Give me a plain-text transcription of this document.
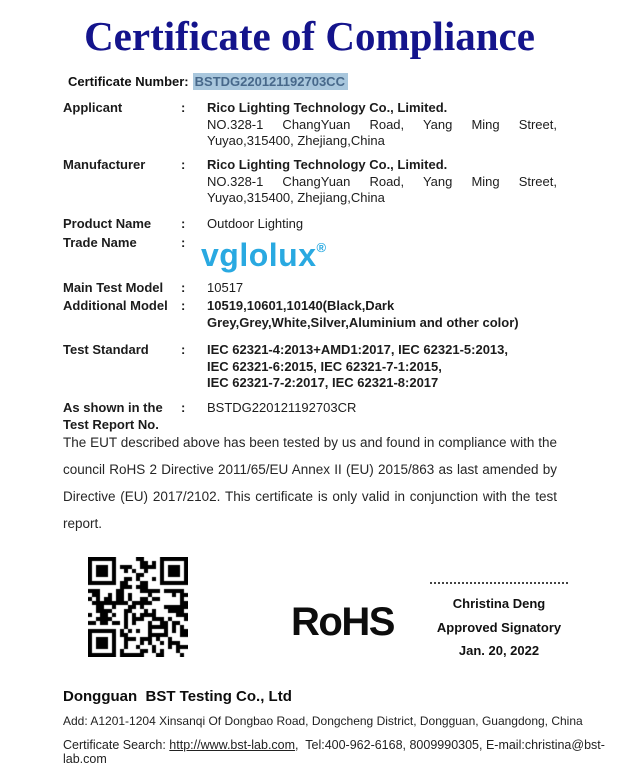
Certificate of Compliance
Certificate Number: BSTDG220121192703CC
Applicant	:	Rico Lighting Technology Co., Limited.
NO.328-1 ChangYuan Road, Yang Ming Street, Yuyao,315400, Zhejiang,China
Manufacturer	:	Rico Lighting Technology Co., Limited.
NO.328-1 ChangYuan Road, Yang Ming Street, Yuyao,315400, Zhejiang,China
Product Name	:	Outdoor Lighting
Trade Name	: vglolux®
Main Test Model	:	10517
Additional Model	:	10519,10601,10140(Black,Dark
Grey,Grey,White,Silver,Aluminium and other color)
Test Standard	:	IEC 62321-4:2013+AMD1:2017, IEC 62321-5:2013,
IEC 62321-6:2015, IEC 62321-7-1:2015,
IEC 62321-7-2:2017, IEC 62321-8:2017
As shown in the Test Report No.
:	BSTDG220121192703CR
The EUT described above has been tested by us and found in compliance with the council RoHS 2 Directive 2011/65/EU Annex II (EU) 2015/863 as last amended by Directive (EU) 2017/2102. This certificate is only valid in conjunction with the test report.
RoHS	Christina Deng
Approved Signatory
Jan. 20, 2022
Dongguan  BST Testing Co., Ltd
Add: A1201-1204 Xinsanqi Of Dongbao Road, Dongcheng District, Dongguan, Guangdong, China
Certificate Search: http://www.bst-lab.com,  Tel:400-962-6168, 8009990305, E-mail:christina@bst-lab.com
